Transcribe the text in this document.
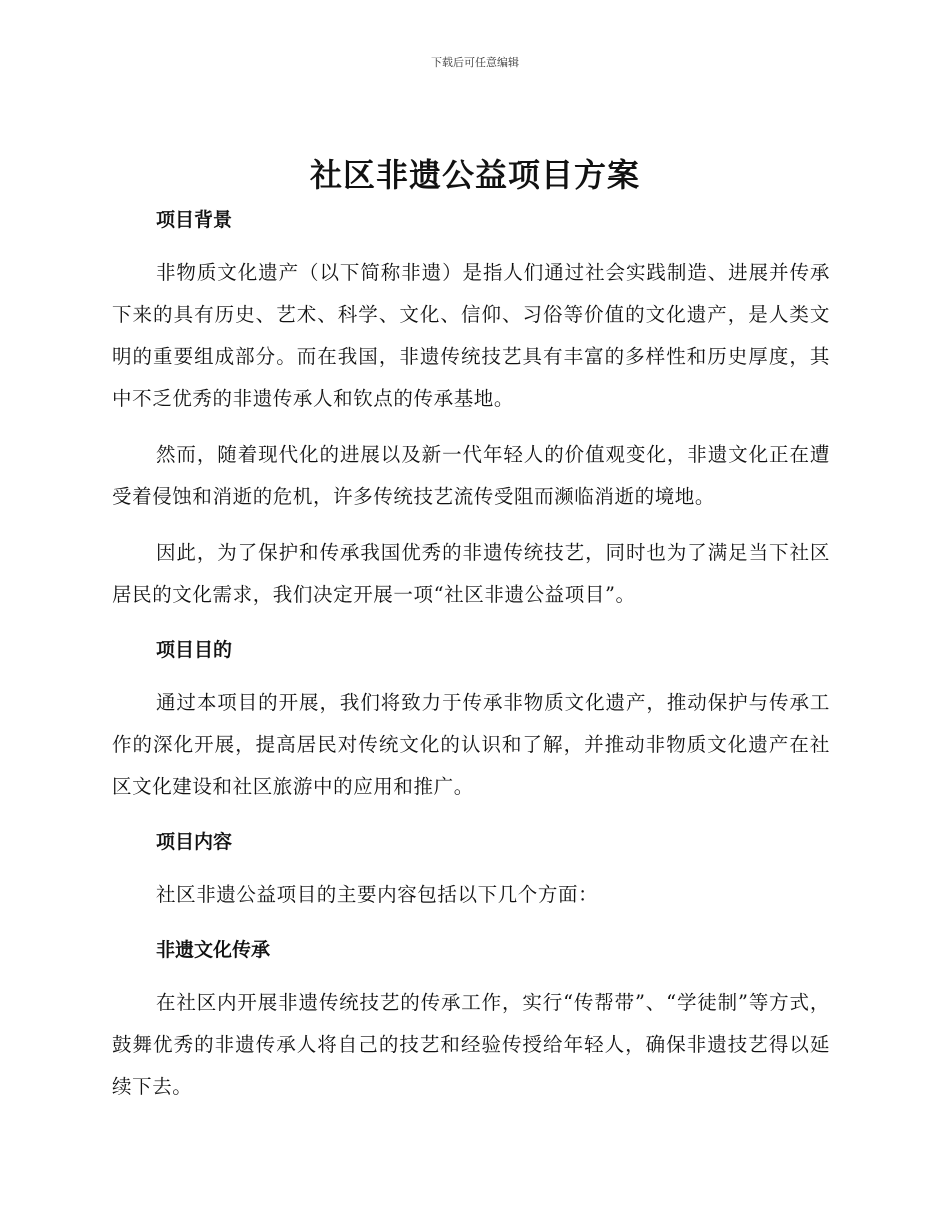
下载后可任意编辑
社区非遗公益项目方案
项目背景

非物质文化遗产（以下简称非遗）是指人们通过社会实践制造、进展并传承下来的具有历史、艺术、科学、文化、信仰、习俗等价值的文化遗产，是人类文明的重要组成部分。而在我国，非遗传统技艺具有丰富的多样性和历史厚度，其中不乏优秀的非遗传承人和钦点的传承基地。

然而，随着现代化的进展以及新一代年轻人的价值观变化，非遗文化正在遭受着侵蚀和消逝的危机，许多传统技艺流传受阻而濒临消逝的境地。

因此，为了保护和传承我国优秀的非遗传统技艺，同时也为了满足当下社区居民的文化需求，我们决定开展一项“社区非遗公益项目”。

项目目的

通过本项目的开展，我们将致力于传承非物质文化遗产，推动保护与传承工作的深化开展，提高居民对传统文化的认识和了解，并推动非物质文化遗产在社区文化建设和社区旅游中的应用和推广。

项目内容

社区非遗公益项目的主要内容包括以下几个方面：

非遗文化传承

在社区内开展非遗传统技艺的传承工作，实行“传帮带”、“学徒制”等方式，鼓舞优秀的非遗传承人将自己的技艺和经验传授给年轻人，确保非遗技艺得以延续下去。
